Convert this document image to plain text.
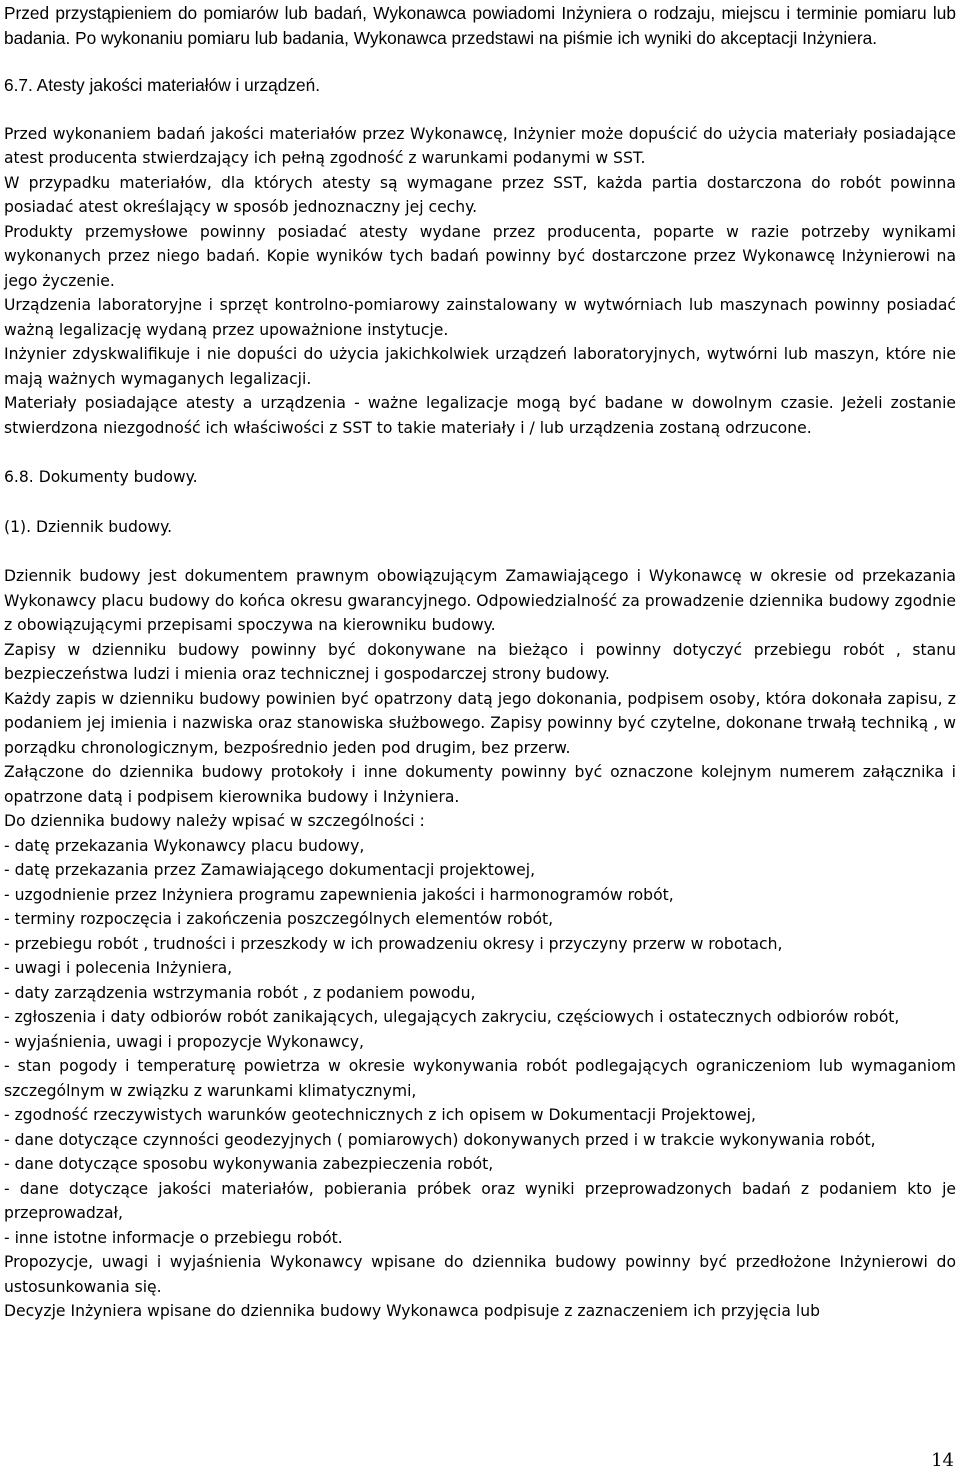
Przed przystąpieniem do pomiarów lub badań, Wykonawca powiadomi Inżyniera o rodzaju, miejscu i terminie pomiaru lub badania. Po wykonaniu pomiaru lub badania, Wykonawca przedstawi na piśmie ich wyniki do akceptacji Inżyniera.

6.7. Atesty jakości materiałów i urządzeń.

Przed wykonaniem badań jakości materiałów przez Wykonawcę, Inżynier może dopuścić do użycia materiały posiadające atest producenta stwierdzający ich pełną zgodność z warunkami podanymi w SST.

W przypadku materiałów, dla których atesty są wymagane przez SST, każda partia dostarczona do robót powinna posiadać atest określający w sposób jednoznaczny jej cechy.

Produkty przemysłowe powinny posiadać atesty wydane przez producenta, poparte w razie potrzeby wynikami wykonanych przez niego badań. Kopie wyników tych badań powinny być dostarczone przez Wykonawcę Inżynierowi na jego życzenie.

Urządzenia laboratoryjne i sprzęt kontrolno-pomiarowy zainstalowany w wytwórniach lub maszynach powinny posiadać ważną legalizację wydaną przez upoważnione instytucje.

Inżynier zdyskwalifikuje i nie dopuści do użycia jakichkolwiek urządzeń laboratoryjnych, wytwórni lub maszyn, które nie mają ważnych wymaganych legalizacji.

Materiały posiadające atesty a urządzenia - ważne legalizacje mogą być badane w dowolnym czasie. Jeżeli zostanie stwierdzona niezgodność ich właściwości z SST to takie materiały i / lub urządzenia zostaną odrzucone.

6.8. Dokumenty budowy.

(1). Dziennik budowy.

Dziennik budowy jest dokumentem prawnym obowiązującym Zamawiającego i Wykonawcę w okresie od przekazania Wykonawcy placu budowy do końca okresu gwarancyjnego. Odpowiedzialność za prowadzenie dziennika budowy zgodnie z obowiązującymi przepisami spoczywa na kierowniku budowy.

Zapisy w dzienniku budowy powinny być dokonywane na bieżąco i powinny dotyczyć przebiegu robót , stanu bezpieczeństwa ludzi i mienia oraz technicznej i gospodarczej strony budowy.

Każdy zapis w dzienniku budowy powinien być opatrzony datą jego dokonania, podpisem osoby, która dokonała zapisu, z podaniem jej imienia i nazwiska oraz stanowiska służbowego. Zapisy powinny być czytelne, dokonane trwałą techniką , w porządku chronologicznym, bezpośrednio jeden pod drugim, bez przerw.

Załączone do dziennika budowy protokoły i inne dokumenty powinny być oznaczone kolejnym numerem załącznika i opatrzone datą i podpisem kierownika budowy i Inżyniera.

Do dziennika budowy należy wpisać w szczególności :

- datę przekazania Wykonawcy placu budowy,
- datę przekazania przez Zamawiającego dokumentacji projektowej,
- uzgodnienie przez Inżyniera programu zapewnienia jakości i harmonogramów robót,
- terminy rozpoczęcia i zakończenia poszczególnych elementów robót,
- przebiegu robót , trudności i przeszkody w ich prowadzeniu okresy i przyczyny przerw w robotach,
- uwagi i polecenia Inżyniera,
- daty zarządzenia wstrzymania robót , z podaniem powodu,
- zgłoszenia i daty odbiorów robót zanikających, ulegających zakryciu, częściowych i ostatecznych odbiorów robót,
- wyjaśnienia, uwagi i propozycje Wykonawcy,
- stan pogody i temperaturę powietrza w okresie wykonywania robót podlegających ograniczeniom lub wymaganiom szczególnym w związku z warunkami klimatycznymi,
- zgodność rzeczywistych warunków geotechnicznych z ich opisem w Dokumentacji Projektowej,
- dane dotyczące czynności geodezyjnych ( pomiarowych) dokonywanych przed i w trakcie wykonywania robót,
- dane dotyczące sposobu wykonywania zabezpieczenia robót,
- dane dotyczące jakości materiałów, pobierania próbek oraz wyniki przeprowadzonych badań z podaniem kto je przeprowadzał,
- inne istotne informacje o przebiegu robót.

Propozycje, uwagi i wyjaśnienia Wykonawcy wpisane do dziennika budowy powinny być przedłożone Inżynierowi do ustosunkowania się.

Decyzje Inżyniera wpisane do dziennika budowy Wykonawca podpisuje z zaznaczeniem ich przyjęcia lub

14
